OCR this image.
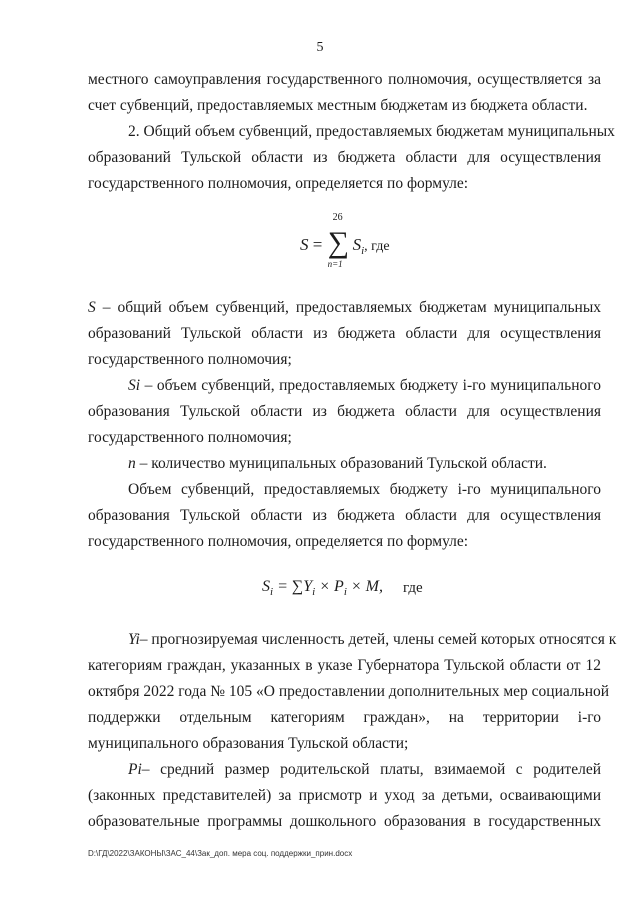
5
местного самоуправления государственного полномочия, осуществляется за
счет субвенций, предоставляемых местным бюджетам из бюджета области.
2. Общий объем субвенций, предоставляемых бюджетам муниципальных
образований Тульской области из бюджета области для осуществления
государственного полномочия, определяется по формуле:
S – общий объем субвенций, предоставляемых бюджетам муниципальных
образований Тульской области из бюджета области для осуществления
государственного полномочия;
Si – объем субвенций, предоставляемых бюджету i-го муниципального
образования Тульской области из бюджета области для осуществления
государственного полномочия;
n – количество муниципальных образований Тульской области.
Объем субвенций, предоставляемых бюджету i-го муниципального
образования Тульской области из бюджета области для осуществления
государственного полномочия, определяется по формуле:
Yi– прогнозируемая численность детей, члены семей которых относятся к
категориям граждан, указанных в указе Губернатора Тульской области от 12
октября 2022 года № 105 «О предоставлении дополнительных мер социальной
поддержки отдельным категориям граждан», на территории i-го
муниципального образования Тульской области;
Pi– средний размер родительской платы, взимаемой с родителей
(законных представителей) за присмотр и уход за детьми, осваивающими
образовательные программы дошкольного образования в государственных
S =
26
∑
n=1
$S_i$, где
$S_i = \sum Y_i \times P_i \times M$, где
D:\ГД\2022\ЗАКОНЫ\ЗАС_44\Зак_доп. мера соц. поддержки_прин.docx
